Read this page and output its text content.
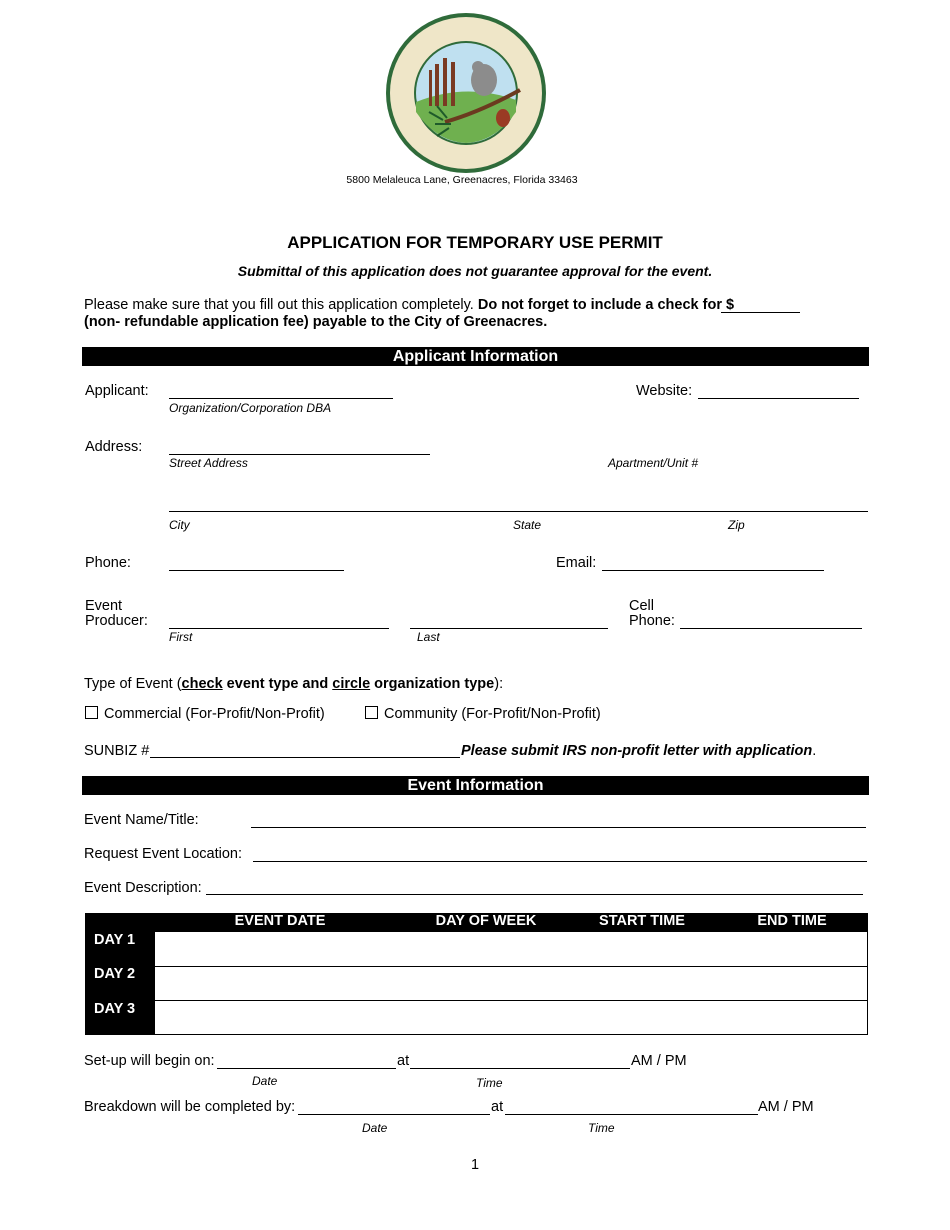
5800 Melaleuca Lane, Greenacres, Florida 33463
APPLICATION FOR TEMPORARY USE PERMIT
Submittal of this application does not guarantee approval for the event.
Please make sure that you fill out this application completely. Do not forget to include a check for $
(non- refundable application fee) payable to the City of Greenacres.
Applicant Information
Applicant:
Organization/Corporation DBA
Website:
Address:
Street Address	Apartment/Unit #
City	State	Zip
Phone:	Email:
Event
Producer:
First	Last
Cell
Phone:
Type of Event (check event type and circle organization type):
Commercial (For-Profit/Non-Profit)	Community (For-Profit/Non-Profit)
SUNBIZ #	Please submit IRS non-profit letter with application.
Event Information
Event Name/Title:
Request Event Location:
Event Description:
EVENT DATE	DAY OF WEEK	START TIME	END TIME
DAY 1
DAY 2
DAY 3
Set-up will begin on:	at	AM / PM
Date	Time
Breakdown will be completed by:	at	AM / PM
Date	Time
1
